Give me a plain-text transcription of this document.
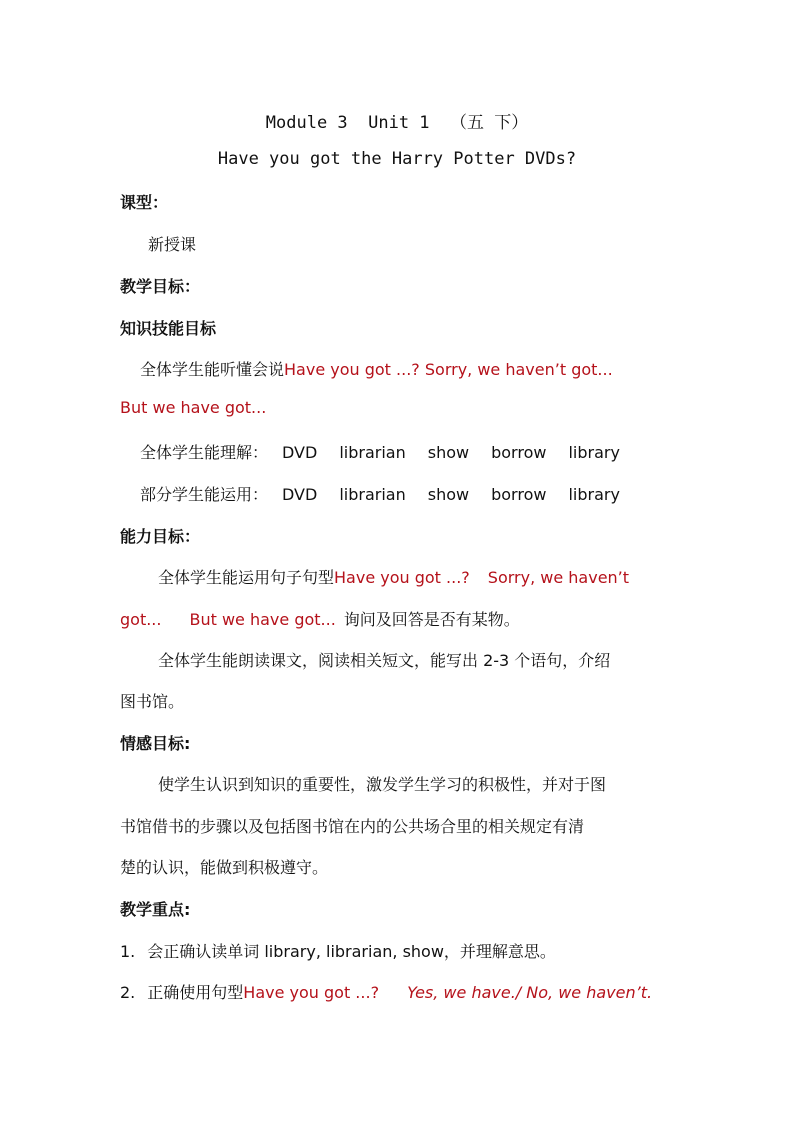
Module 3  Unit 1  （五 下）
Have you got the Harry Potter DVDs?
课型：
新授课
教学目标：
知识技能目标
全体学生能听懂会说Have you got ...? Sorry, we haven’t got...
But we have got...
全体学生能理解： DVD librarian show borrow library
部分学生能运用： DVD librarian show borrow library
能力目标：
全体学生能运用句子句型Have you got ...? Sorry, we haven’t
got... But we have got... 询问及回答是否有某物。
全体学生能朗读课文，阅读相关短文，能写出 2-3 个语句，介绍
图书馆。
情感目标:
使学生认识到知识的重要性，激发学生学习的积极性，并对于图
书馆借书的步骤以及包括图书馆在内的公共场合里的相关规定有清
楚的认识，能做到积极遵守。
教学重点:
1. 会正确认读单词 library, librarian, show，并理解意思。
2. 正确使用句型Have you got ...? Yes, we have./ No, we haven’t.
